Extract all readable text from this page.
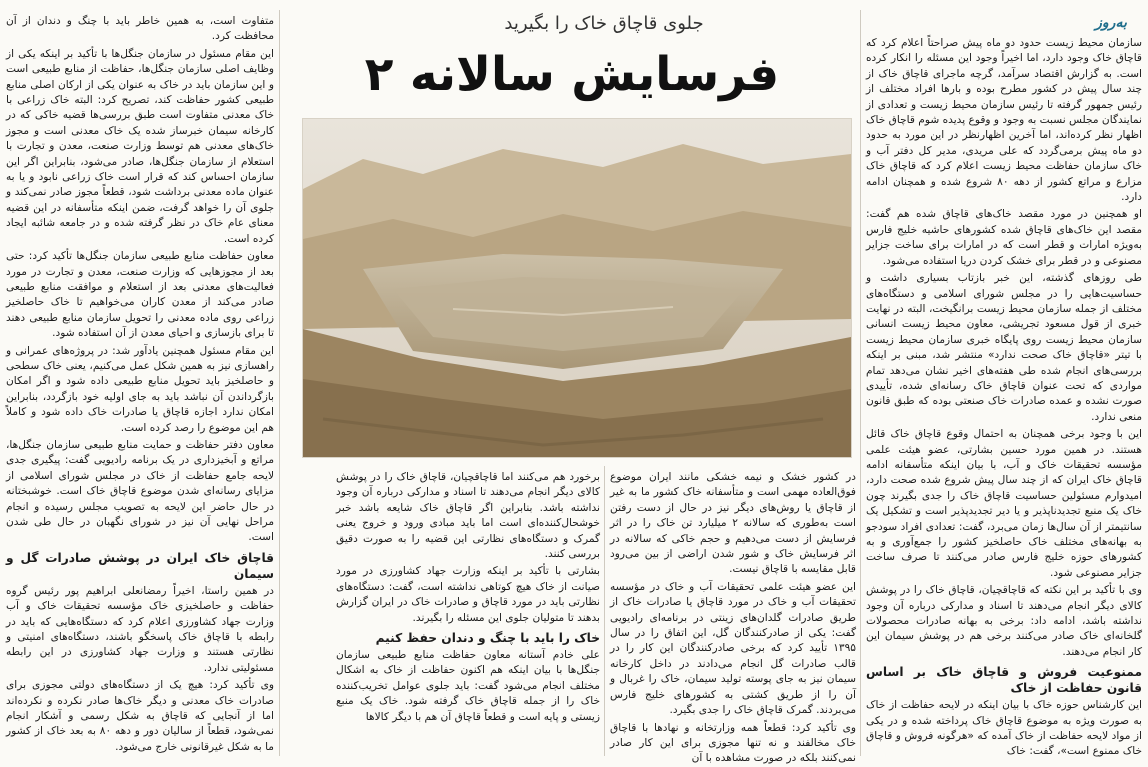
به‌روز
جلوی قاچاق خاک را بگیرید
فرسایش سالانه ۲

سازمان محیط زیست حدود دو ماه پیش صراحتاً اعلام کرد که قاچاق خاک وجود دارد، اما اخیراً وجود این مسئله را انکار کرده است. به گزارش اقتصاد سرآمد، گرچه ماجرای قاچاق خاک از چند سال پیش در کشور مطرح بوده و بارها افراد مختلف از رئیس جمهور گرفته تا رئیس سازمان محیط زیست و تعدادی از نمایندگان مجلس نسبت به وجود و وقوع پدیده شوم قاچاق خاک اظهار نظر کرده‌اند، اما آخرین اظهارنظر در این مورد به حدود دو ماه پیش برمی‌گردد که علی مریدی، مدیر کل دفتر آب و خاک سازمان حفاظت محیط زیست اعلام کرد که قاچاق خاک مزارع و مراتع کشور از دهه ۸۰ شروع شده و همچنان ادامه دارد.

او همچنین در مورد مقصد خاک‌های قاچاق شده هم گفت: مقصد این خاک‌های قاچاق شده کشورهای حاشیه خلیج فارس به‌ویژه امارات و قطر است که در امارات برای ساخت جزایر مصنوعی و در قطر برای خشک کردن دریا استفاده می‌شود.

طی روزهای گذشته، این خبر بازتاب بسیاری داشت و حساسیت‌هایی را در مجلس شورای اسلامی و دستگاه‌های مختلف از جمله سازمان محیط زیست برانگیخت، البته در نهایت خبری از قول مسعود تجریشی، معاون محیط زیست انسانی سازمان محیط زیست روی پایگاه خبری سازمان محیط زیست با تیتر «قاچاق خاک صحت ندارد» منتشر شد، مبنی بر اینکه بررسی‌های انجام شده طی هفته‌های اخیر نشان می‌دهد تمام مواردی که تحت عنوان قاچاق خاک رسانه‌ای شده، تأییدی صورت نشده و عمده صادرات خاک صنعتی بوده که طبق قانون منعی ندارد.

این با وجود برخی همچنان به احتمال وقوع قاچاق خاک قائل هستند. در همین مورد حسین بشارتی، عضو هیئت علمی مؤسسه تحقیقات خاک و آب، با بیان اینکه متأسفانه ادامه قاچاق خاک ایران که از چند سال پیش شروع شده صحت دارد، امیدوارم مسئولین حساسیت قاچاق خاک را جدی بگیرند چون خاک یک منبع تجدیدناپذیر و یا دیر تجدیدپذیر است و تشکیل یک سانتیمتر از آن سال‌ها زمان می‌برد، گفت: تعدادی افراد سودجو به بهانه‌های مختلف خاک حاصلخیز کشور را جمع‌آوری و به کشورهای حوزه خلیج فارس صادر می‌کنند تا صرف ساخت جزایر مصنوعی شود.

وی با تأکید بر این نکته که قاچاقچیان، قاچاق خاک را در پوشش کالای دیگر انجام می‌دهند تا اسناد و مدارکی درباره آن وجود نداشته باشد، ادامه داد: برخی به بهانه صادرات محصولات گلخانه‌ای خاک صادر می‌کنند برخی هم در پوشش سیمان این کار انجام می‌دهند.

ممنوعیت فروش و قاچاق خاک بر اساس قانون حفاظت از خاک

این کارشناس حوزه خاک با بیان اینکه در لایحه حفاظت از خاک به صورت ویژه به موضوع قاچاق خاک پرداخته شده و در یکی از مواد لایحه حفاظت از خاک آمده که «هرگونه فروش و قاچاق خاک ممنوع است»، گفت: خاک

در کشور خشک و نیمه خشکی مانند ایران موضوع فوق‌العاده مهمی است و متأسفانه خاک کشور ما به غیر از قاچاق یا روش‌های دیگر نیز در حال از دست رفتن است به‌طوری که سالانه ۲ میلیارد تن خاک را در اثر فرسایش از دست می‌دهیم و حجم خاکی که سالانه در اثر فرسایش خاک و شور شدن اراضی از بین می‌رود قابل مقایسه با قاچاق نیست.

این عضو هیئت علمی تحقیقات آب و خاک در مؤسسه تحقیقات آب و خاک در مورد قاچاق یا صادرات خاک از طریق صادرات گلدان‌های زینتی در برنامه‌ای رادیویی گفت: یکی از صادرکنندگان گل، این اتفاق را در سال ۱۳۹۵ تأیید کرد که برخی صادرکنندگان این کار را در قالب صادرات گل انجام می‌دادند در داخل کارخانه سیمان نیز به جای پوسته تولید سیمان، خاک را غربال و آن را از طریق کشتی به کشورهای خلیج فارس می‌بردند. گمرک قاچاق خاک را جدی بگیرد.

وی تأکید کرد: قطعاً همه وزارتخانه و نهادها با قاچاق خاک مخالفند و نه تنها مجوزی برای این کار صادر نمی‌کنند بلکه در صورت مشاهده با آن

برخورد هم می‌کنند اما قاچاقچیان، قاچاق خاک را در پوشش کالای دیگر انجام می‌دهند تا اسناد و مدارکی درباره آن وجود نداشته باشد. بنابراین اگر قاچاق خاک شایعه باشد خبر خوشحال‌کننده‌ای است اما باید مبادی ورود و خروج یعنی گمرک و دستگاه‌های نظارتی این قضیه را به صورت دقیق بررسی کنند.

بشارتی با تأکید بر اینکه وزارت جهاد کشاورزی در مورد صیانت از خاک هیچ کوتاهی نداشته است، گفت: دستگاه‌های نظارتی باید در مورد قاچاق و صادرات خاک در ایران گزارش بدهند تا متولیان جلوی این مسئله را بگیرند.

خاک را باید با چنگ و دندان حفظ کنیم

علی خادم آستانه معاون حفاظت منابع طبیعی سازمان جنگل‌ها با بیان اینکه هم اکنون حفاظت از خاک به اشکال مختلف انجام می‌شود گفت: باید جلوی عوامل تخریب‌کننده خاک را از جمله قاچاق خاک گرفته شود. خاک یک منبع زیستی و پایه است و قطعاً قاچاق آن هم با دیگر کالاها

متفاوت است، به همین خاطر باید با چنگ و دندان از آن محافظت کرد.

این مقام مسئول در سازمان جنگل‌ها با تأکید بر اینکه یکی از وظایف اصلی سازمان جنگل‌ها، حفاظت از منابع طبیعی است و این سازمان باید در خاک به عنوان یکی از ارکان اصلی منابع طبیعی کشور حفاظت کند، تصریح کرد: البته خاک زراعی با خاک معدنی متفاوت است طبق بررسی‌ها قضیه خاکی که در کارخانه سیمان خبرساز شده یک خاک معدنی است و مجوز خاک‌های معدنی هم توسط وزارت صنعت، معدن و تجارت با استعلام از سازمان جنگل‌ها، صادر می‌شود، بنابراین اگر این سازمان احساس کند که قرار است خاک زراعی نابود و یا به عنوان ماده معدنی برداشت شود، قطعاً مجوز صادر نمی‌کند و جلوی آن را خواهد گرفت، ضمن اینکه متأسفانه در این قضیه معنای عام خاک در نظر گرفته شده و در جامعه شائبه ایجاد کرده است.

معاون حفاظت منابع طبیعی سازمان جنگل‌ها تأکید کرد: حتی بعد از مجوزهایی که وزارت صنعت، معدن و تجارت در مورد فعالیت‌های معدنی بعد از استعلام و موافقت منابع طبیعی صادر می‌کند از معدن کاران می‌خواهیم تا خاک حاصلخیز زراعی روی ماده معدنی را تحویل سازمان منابع طبیعی دهند تا برای بازسازی و احیای معدن از آن استفاده شود.

این مقام مسئول همچنین یادآور شد: در پروژه‌های عمرانی و راهسازی نیز به همین شکل عمل می‌کنیم، یعنی خاک سطحی و حاصلخیز باید تحویل منابع طبیعی داده شود و اگر امکان بازگرداندن آن نباشد باید به جای اولیه خود بازگردد، بنابراین امکان ندارد اجازه قاچاق یا صادرات خاک داده شود و کاملاً هم این موضوع را رصد کرده است.

معاون دفتر حفاظت و حمایت منابع طبیعی سازمان جنگل‌ها، مراتع و آبخیزداری در یک برنامه رادیویی گفت: پیگیری جدی لایحه جامع حفاظت از خاک در مجلس شورای اسلامی از مزایای رسانه‌ای شدن موضوع قاچاق خاک است. خوشبختانه در حال حاضر این لایحه به تصویب مجلس رسیده و انجام مراحل نهایی آن نیز در شورای نگهبان در حال طی شدن است.

قاچاق خاک ایران در پوشش صادرات گل و سیمان

در همین راستا، اخیراً رمضانعلی ابراهیم پور رئیس گروه حفاظت و حاصلخیزی خاک مؤسسه تحقیقات خاک و آب وزارت جهاد کشاورزی اعلام کرد که دستگاه‌هایی که باید در رابطه با قاچاق خاک پاسخگو باشند، دستگاه‌های امنیتی و نظارتی هستند و وزارت جهاد کشاورزی در این رابطه مسئولیتی ندارد.

وی تأکید کرد: هیچ یک از دستگاه‌های دولتی مجوزی برای صادرات خاک معدنی و دیگر خاک‌ها صادر نکرده و نکرده‌اند اما از آنجایی که قاچاق به شکل رسمی و آشکار انجام نمی‌شود، قطعاً از سالیان دور و دهه ۸۰ به بعد خاک از کشور ما به شکل غیرقانونی خارج می‌شود.
